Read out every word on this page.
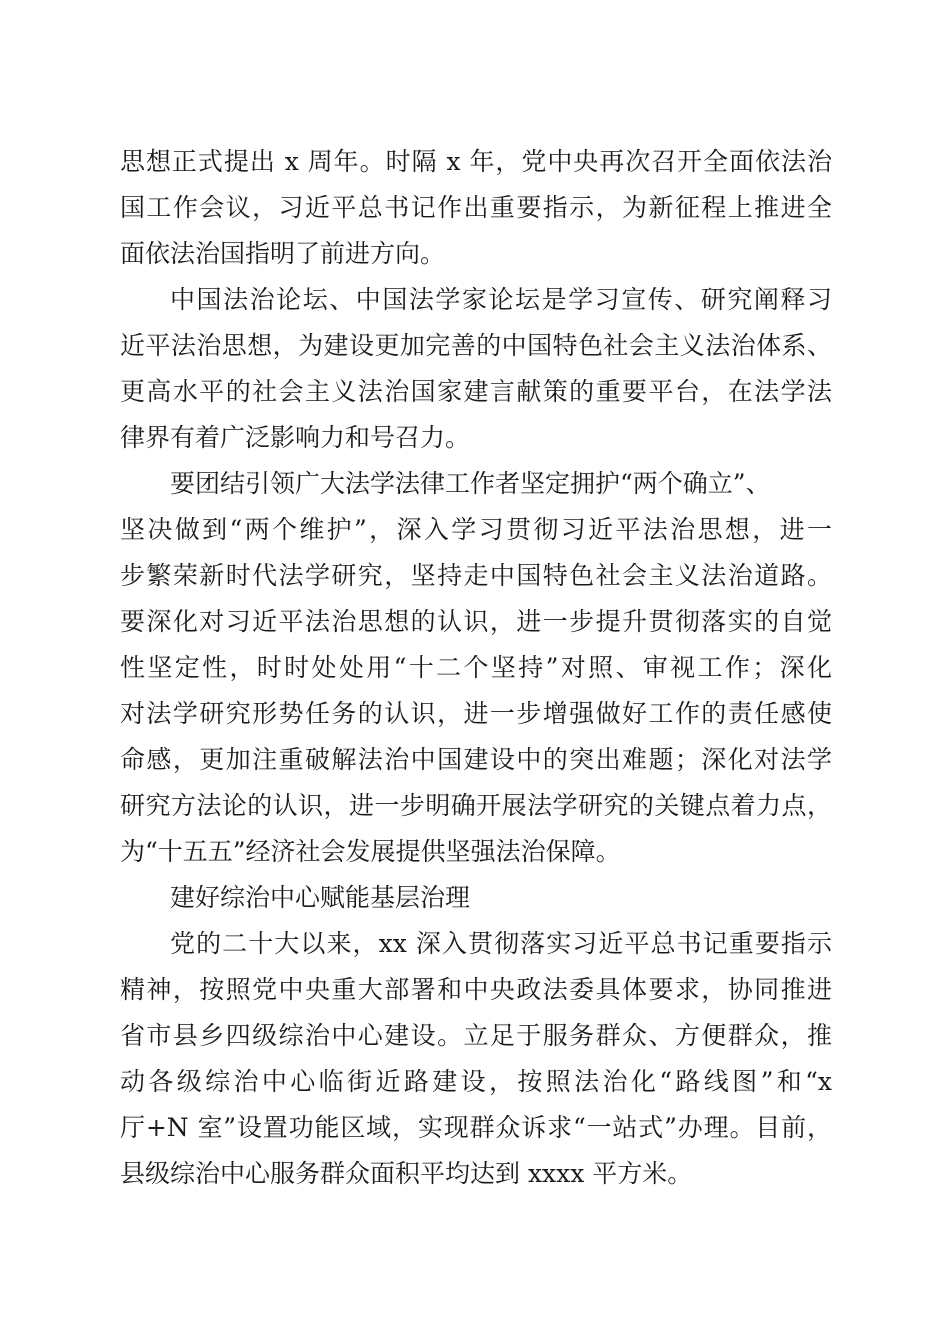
思想正式提出 x 周年。时隔 x 年，党中央再次召开全面依法治
国工作会议，习近平总书记作出重要指示，为新征程上推进全
面依法治国指明了前进方向。
中国法治论坛、中国法学家论坛是学习宣传、研究阐释习
近平法治思想，为建设更加完善的中国特色社会主义法治体系、
更高水平的社会主义法治国家建言献策的重要平台，在法学法
律界有着广泛影响力和号召力。
要团结引领广大法学法律工作者坚定拥护“两个确立”、
坚决做到“两个维护”，深入学习贯彻习近平法治思想，进一
步繁荣新时代法学研究，坚持走中国特色社会主义法治道路。
要深化对习近平法治思想的认识，进一步提升贯彻落实的自觉
性坚定性，时时处处用“十二个坚持”对照、审视工作；深化
对法学研究形势任务的认识，进一步增强做好工作的责任感使
命感，更加注重破解法治中国建设中的突出难题；深化对法学
研究方法论的认识，进一步明确开展法学研究的关键点着力点，
为“十五五”经济社会发展提供坚强法治保障。
建好综治中心赋能基层治理
党的二十大以来，xx 深入贯彻落实习近平总书记重要指示
精神，按照党中央重大部署和中央政法委具体要求，协同推进
省市县乡四级综治中心建设。立足于服务群众、方便群众，推
动各级综治中心临街近路建设，按照法治化“路线图”和“x
厅+N 室”设置功能区域，实现群众诉求“一站式”办理。目前，
县级综治中心服务群众面积平均达到 xxxx 平方米。
